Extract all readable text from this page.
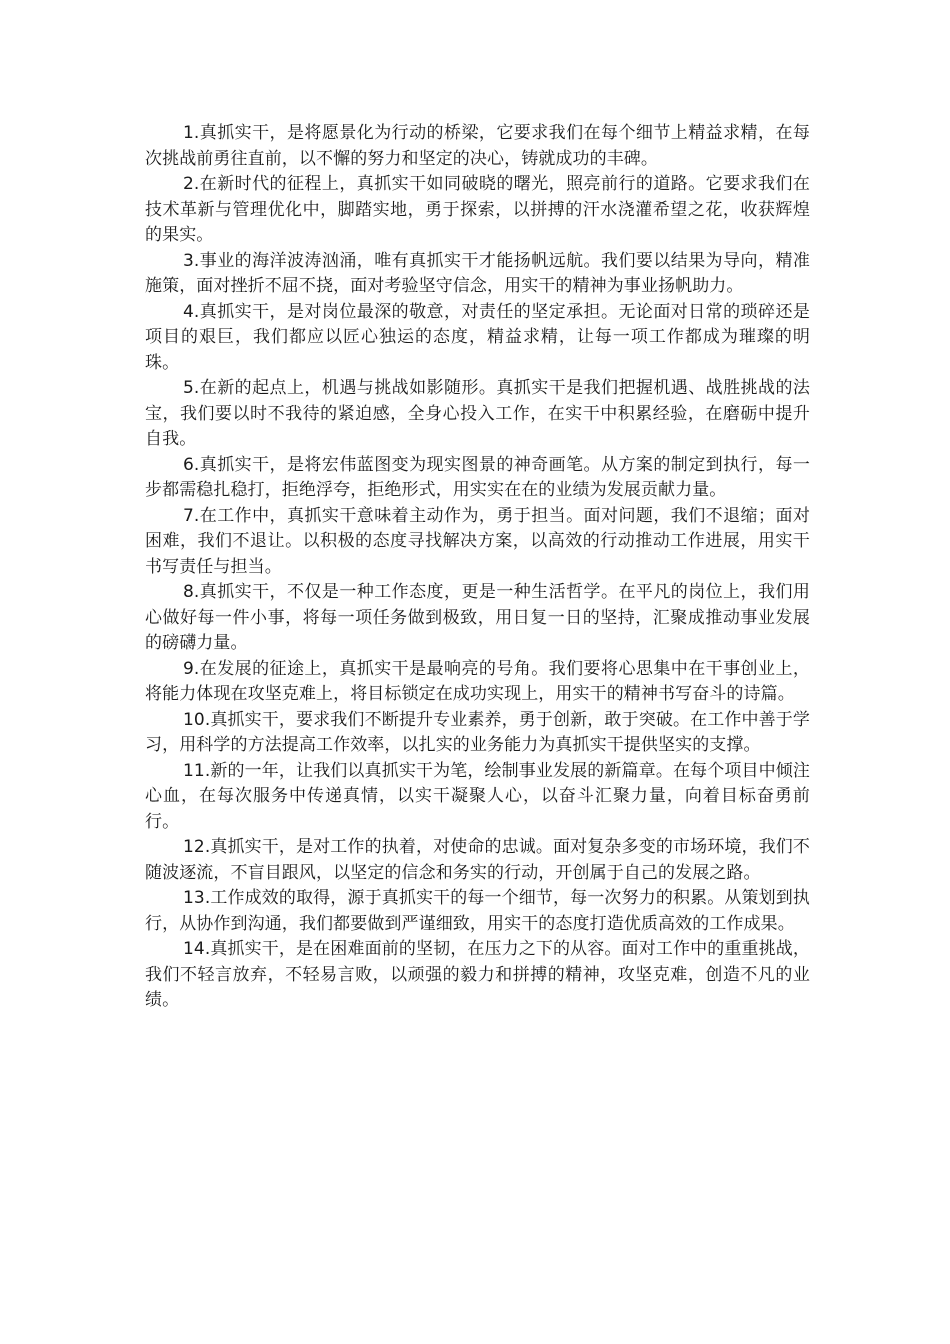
1.真抓实干，是将愿景化为行动的桥梁，它要求我们在每个细节上精益求精，在每次挑战前勇往直前，以不懈的努力和坚定的决心，铸就成功的丰碑。

2.在新时代的征程上，真抓实干如同破晓的曙光，照亮前行的道路。它要求我们在技术革新与管理优化中，脚踏实地，勇于探索，以拼搏的汗水浇灌希望之花，收获辉煌的果实。

3.事业的海洋波涛汹涌，唯有真抓实干才能扬帆远航。我们要以结果为导向，精准施策，面对挫折不屈不挠，面对考验坚守信念，用实干的精神为事业扬帆助力。

4.真抓实干，是对岗位最深的敬意，对责任的坚定承担。无论面对日常的琐碎还是项目的艰巨，我们都应以匠心独运的态度，精益求精，让每一项工作都成为璀璨的明珠。

5.在新的起点上，机遇与挑战如影随形。真抓实干是我们把握机遇、战胜挑战的法宝，我们要以时不我待的紧迫感，全身心投入工作，在实干中积累经验，在磨砺中提升自我。

6.真抓实干，是将宏伟蓝图变为现实图景的神奇画笔。从方案的制定到执行，每一步都需稳扎稳打，拒绝浮夸，拒绝形式，用实实在在的业绩为发展贡献力量。

7.在工作中，真抓实干意味着主动作为，勇于担当。面对问题，我们不退缩；面对困难，我们不退让。以积极的态度寻找解决方案，以高效的行动推动工作进展，用实干书写责任与担当。

8.真抓实干，不仅是一种工作态度，更是一种生活哲学。在平凡的岗位上，我们用心做好每一件小事，将每一项任务做到极致，用日复一日的坚持，汇聚成推动事业发展的磅礴力量。

9.在发展的征途上，真抓实干是最响亮的号角。我们要将心思集中在干事创业上，将能力体现在攻坚克难上，将目标锁定在成功实现上，用实干的精神书写奋斗的诗篇。

10.真抓实干，要求我们不断提升专业素养，勇于创新，敢于突破。在工作中善于学习，用科学的方法提高工作效率，以扎实的业务能力为真抓实干提供坚实的支撑。

11.新的一年，让我们以真抓实干为笔，绘制事业发展的新篇章。在每个项目中倾注心血，在每次服务中传递真情，以实干凝聚人心，以奋斗汇聚力量，向着目标奋勇前行。

12.真抓实干，是对工作的执着，对使命的忠诚。面对复杂多变的市场环境，我们不随波逐流，不盲目跟风，以坚定的信念和务实的行动，开创属于自己的发展之路。

13.工作成效的取得，源于真抓实干的每一个细节，每一次努力的积累。从策划到执行，从协作到沟通，我们都要做到严谨细致，用实干的态度打造优质高效的工作成果。

14.真抓实干，是在困难面前的坚韧，在压力之下的从容。面对工作中的重重挑战，我们不轻言放弃，不轻易言败，以顽强的毅力和拼搏的精神，攻坚克难，创造不凡的业绩。
